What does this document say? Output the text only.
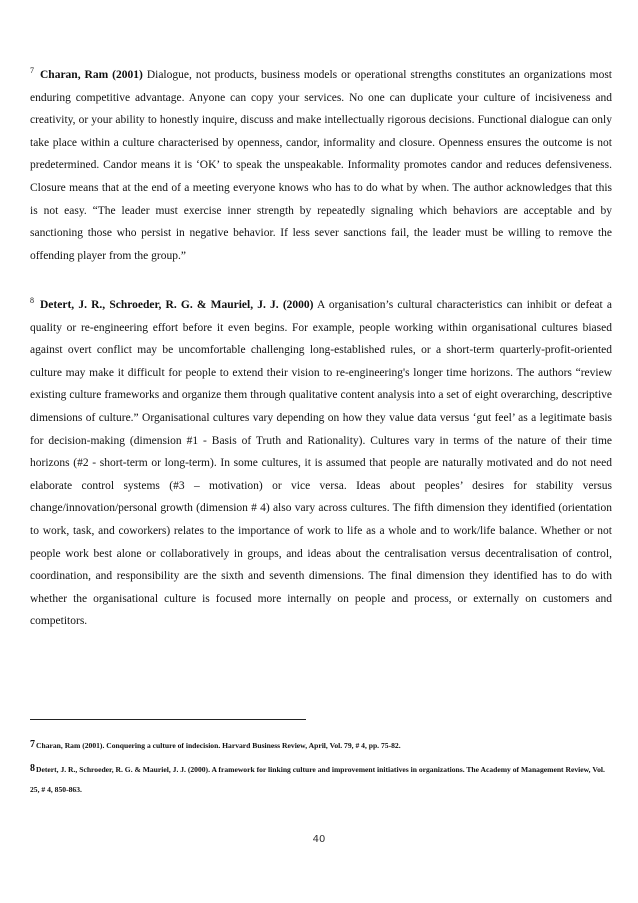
$^7$ Charan, Ram (2001) Dialogue, not products, business models or operational strengths constitutes an organizations most enduring competitive advantage. Anyone can copy your services. No one can duplicate your culture of incisiveness and creativity, or your ability to honestly inquire, discuss and make intellectually rigorous decisions. Functional dialogue can only take place within a culture characterised by openness, candor, informality and closure. Openness ensures the outcome is not predetermined. Candor means it is ‘OK’ to speak the unspeakable. Informality promotes candor and reduces defensiveness. Closure means that at the end of a meeting everyone knows who has to do what by when. The author acknowledges that this is not easy. “The leader must exercise inner strength by repeatedly signaling which behaviors are acceptable and by sanctioning those who persist in negative behavior. If less sever sanctions fail, the leader must be willing to remove the offending player from the group.”

$^8$ Detert, J. R., Schroeder, R. G. & Mauriel, J. J. (2000) A organisation’s cultural characteristics can inhibit or defeat a quality or re-engineering effort before it even begins. For example, people working within organisational cultures biased against overt conflict may be uncomfortable challenging long-established rules, or a short-term quarterly-profit-oriented culture may make it difficult for people to extend their vision to re-engineering's longer time horizons. The authors “review existing culture frameworks and organize them through qualitative content analysis into a set of eight overarching, descriptive dimensions of culture.” Organisational cultures vary depending on how they value data versus ‘gut feel’ as a legitimate basis for decision-making (dimension #1 - Basis of Truth and Rationality). Cultures vary in terms of the nature of their time horizons (#2 - short-term or long-term). In some cultures, it is assumed that people are naturally motivated and do not need elaborate control systems (#3 – motivation) or vice versa. Ideas about peoples’ desires for stability versus change/innovation/personal growth (dimension # 4) also vary across cultures. The fifth dimension they identified (orientation to work, task, and coworkers) relates to the importance of work to life as a whole and to work/life balance. Whether or not people work best alone or collaboratively in groups, and ideas about the centralisation versus decentralisation of control, coordination, and responsibility are the sixth and seventh dimensions. The final dimension they identified has to do with whether the organisational culture is focused more internally on people and process, or externally on customers and competitors.

7Charan, Ram (2001). Conquering a culture of indecision. Harvard Business Review, April, Vol. 79, # 4, pp. 75-82.

8Detert, J. R., Schroeder, R. G. & Mauriel, J. J. (2000). A framework for linking culture and improvement initiatives in organizations. The Academy of Management Review, Vol. 25, # 4, 850-863.

40
